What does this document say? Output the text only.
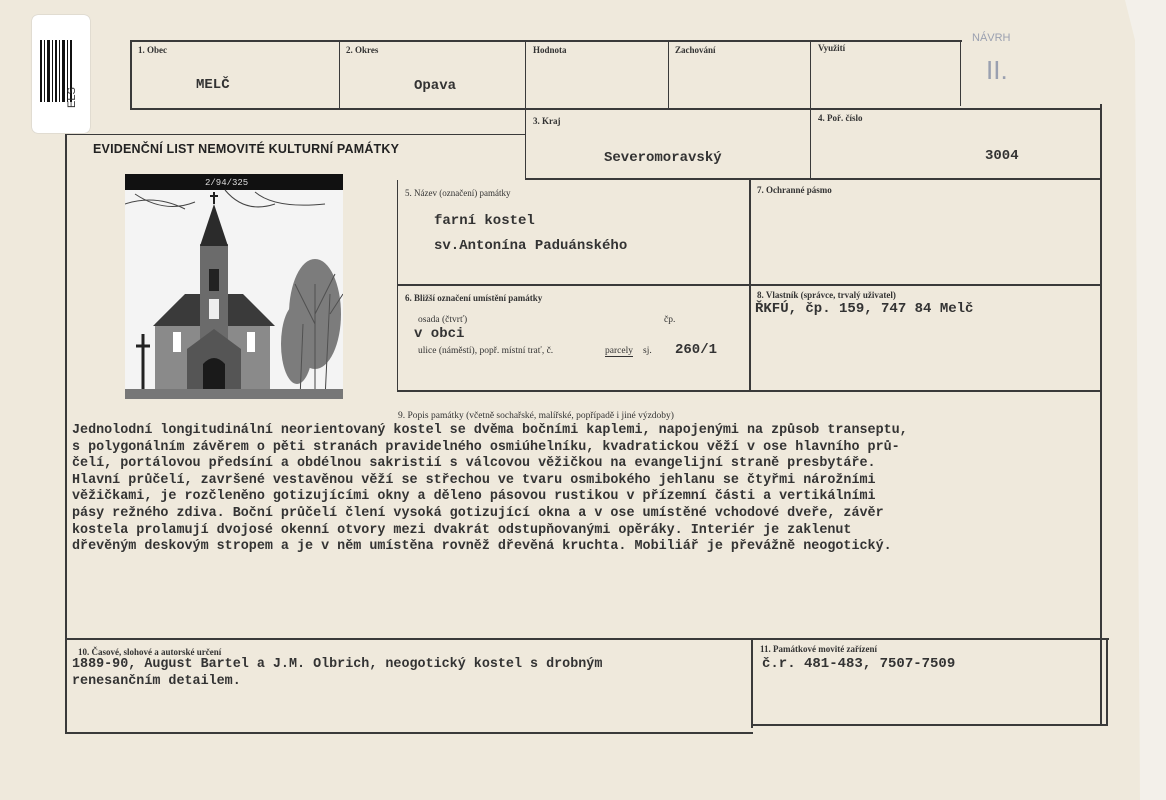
ELS
1. Obec
MELČ
2. Okres
Opava
Hodnota	Zachování	Využití
NÁVRH
II.
EVIDENČNÍ LIST NEMOVITÉ KULTURNÍ PAMÁTKY
3. Kraj
Severomoravský
4. Poř. číslo
3004
2/94/325
5. Název (označení) památky
farní kostel
sv.Antonína Paduánského
7. Ochranné pásmo
6. Bližší označení umístění památky
osada (čtvrť)	čp.
v obci
ulice (náměstí), popř. místní trať, č.	parcely sj. 260/1
8. Vlastník (správce, trvalý uživatel)
ŘKFÚ, čp. 159, 747 84 Melč
9. Popis památky (včetně sochařské, malířské, popřípadě i jiné výzdoby)
Jednolodní longitudinální neorientovaný kostel se dvěma bočními kaplemi, napojenými na způsob transeptu,
s polygonálním závěrem o pěti stranách pravidelného osmiúhelníku, kvadratickou věží v ose hlavního prů-
čelí, portálovou předsíní a obdélnou sakristií s válcovou věžičkou na evangelijní straně presbytáře.
Hlavní průčelí, završené vestavěnou věží se střechou ve tvaru osmibokého jehlanu se čtyřmi nárožními
věžičkami, je rozčleněno gotizujícími okny a děleno pásovou rustikou v přízemní části a vertikálními
pásy režného zdiva. Boční průčelí člení vysoká gotizující okna a v ose umístěné vchodové dveře, závěr
kostela prolamují dvojosé okenní otvory mezi dvakrát odstupňovanými opěráky. Interiér je zaklenut
dřevěným deskovým stropem a je v něm umístěna rovněž dřevěná kruchta. Mobiliář je převážně neogotický.
10. Časové, slohové a autorské určení
1889-90, August Bartel a J.M. Olbrich, neogotický kostel s drobným
renesančním detailem.
11. Památkové movité zařízení
č.r. 481-483, 7507-7509
